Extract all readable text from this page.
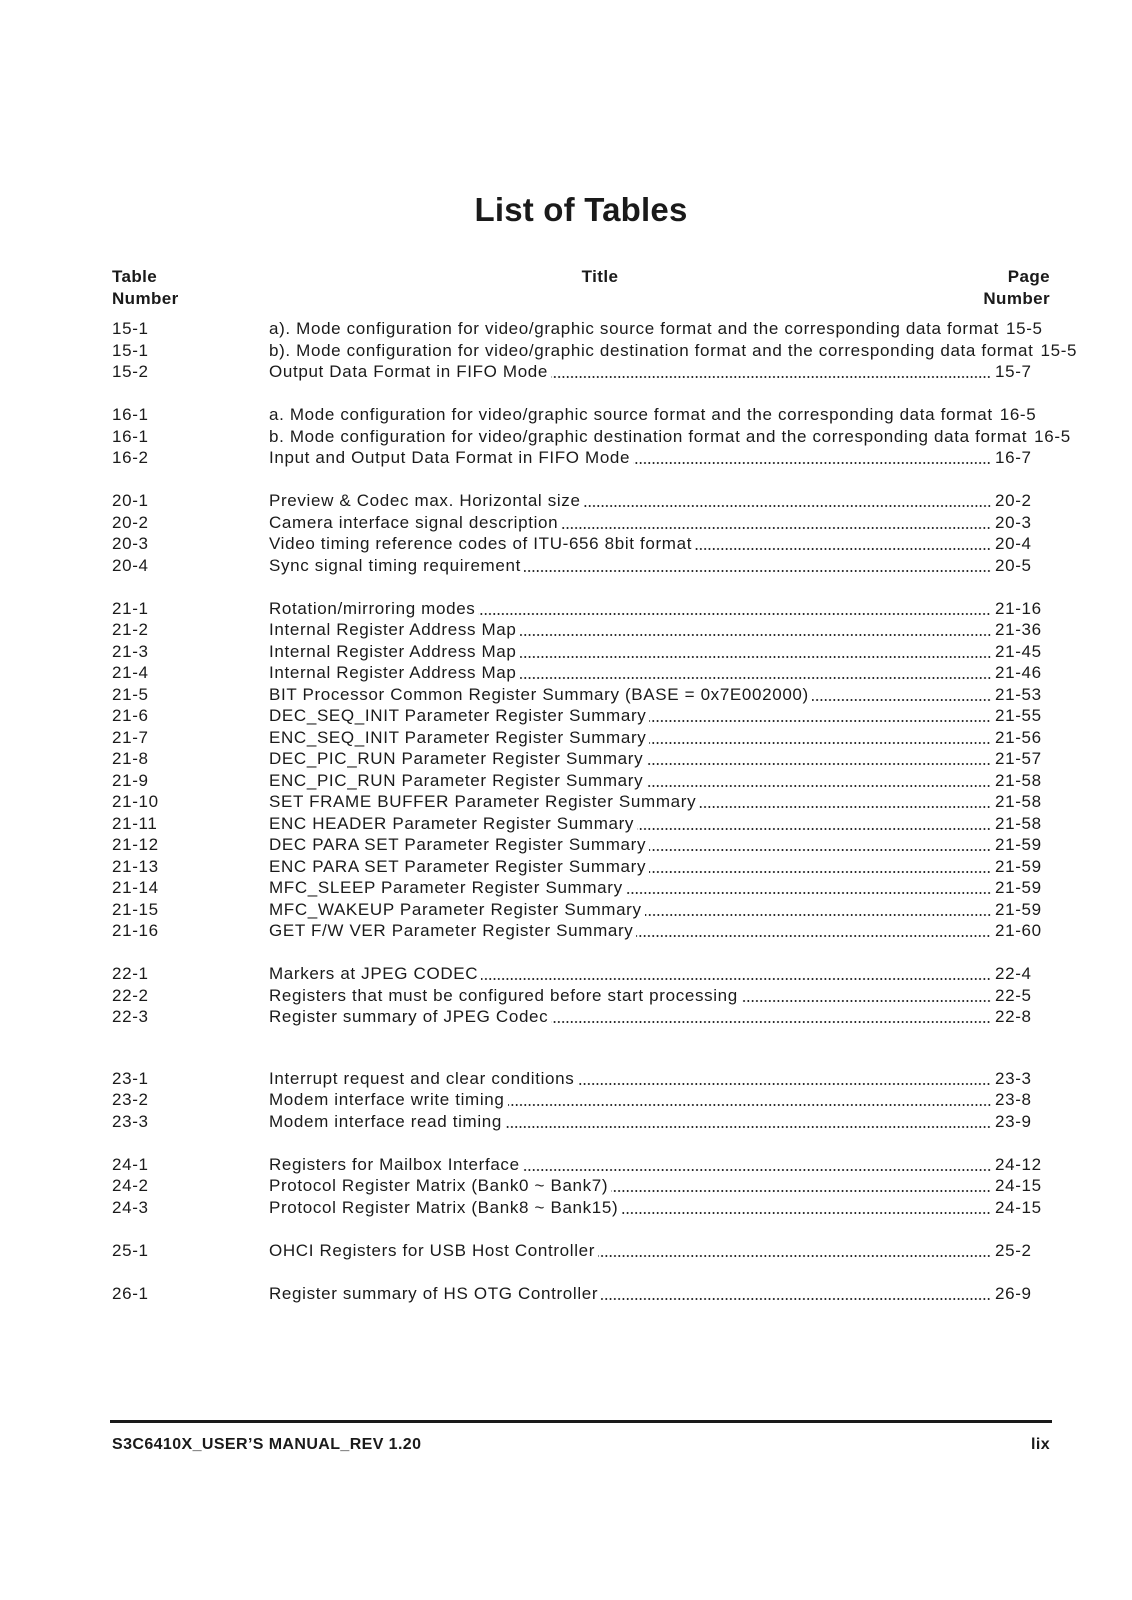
List of Tables
Table
Number
Title	Page
Number
15-1	a). Mode configuration for video/graphic source format and the corresponding data format 15-5
15-1	b). Mode configuration for video/graphic destination format and the corresponding data format 15-5
15-2	Output Data Format in FIFO Mode	15-7
16-1	a. Mode configuration for video/graphic source format and the corresponding data format 16-5
16-1	b. Mode configuration for video/graphic destination format and the corresponding data format 16-5
16-2	Input and Output Data Format in FIFO Mode	16-7
20-1	Preview & Codec max. Horizontal size	20-2
20-2	Camera interface signal description	20-3
20-3	Video timing reference codes of ITU-656 8bit format	20-4
20-4	Sync signal timing requirement	20-5
21-1	Rotation/mirroring modes	21-16
21-2	Internal Register Address Map	21-36
21-3	Internal Register Address Map	21-45
21-4	Internal Register Address Map	21-46
21-5	BIT Processor Common Register Summary (BASE = 0x7E002000)	21-53
21-6	DEC_SEQ_INIT Parameter Register Summary	21-55
21-7	ENC_SEQ_INIT Parameter Register Summary	21-56
21-8	DEC_PIC_RUN Parameter Register Summary	21-57
21-9	ENC_PIC_RUN Parameter Register Summary	21-58
21-10	SET FRAME BUFFER Parameter Register Summary	21-58
21-11	ENC HEADER Parameter Register Summary	21-58
21-12	DEC PARA SET Parameter Register Summary	21-59
21-13	ENC PARA SET Parameter Register Summary	21-59
21-14	MFC_SLEEP Parameter Register Summary	21-59
21-15	MFC_WAKEUP Parameter Register Summary	21-59
21-16	GET F/W VER Parameter Register Summary	21-60
22-1	Markers at JPEG CODEC	22-4
22-2	Registers that must be configured before start processing	22-5
22-3	Register summary of JPEG Codec	22-8
23-1	Interrupt request and clear conditions	23-3
23-2	Modem interface write timing	23-8
23-3	Modem interface read timing	23-9
24-1	Registers for Mailbox Interface	24-12
24-2	Protocol Register Matrix (Bank0 ~ Bank7)	24-15
24-3	Protocol Register Matrix (Bank8 ~ Bank15)	24-15
25-1	OHCI Registers for USB Host Controller	25-2
26-1	Register summary of HS OTG Controller	26-9
S3C6410X_USER’S MANUAL_REV 1.20	lix
